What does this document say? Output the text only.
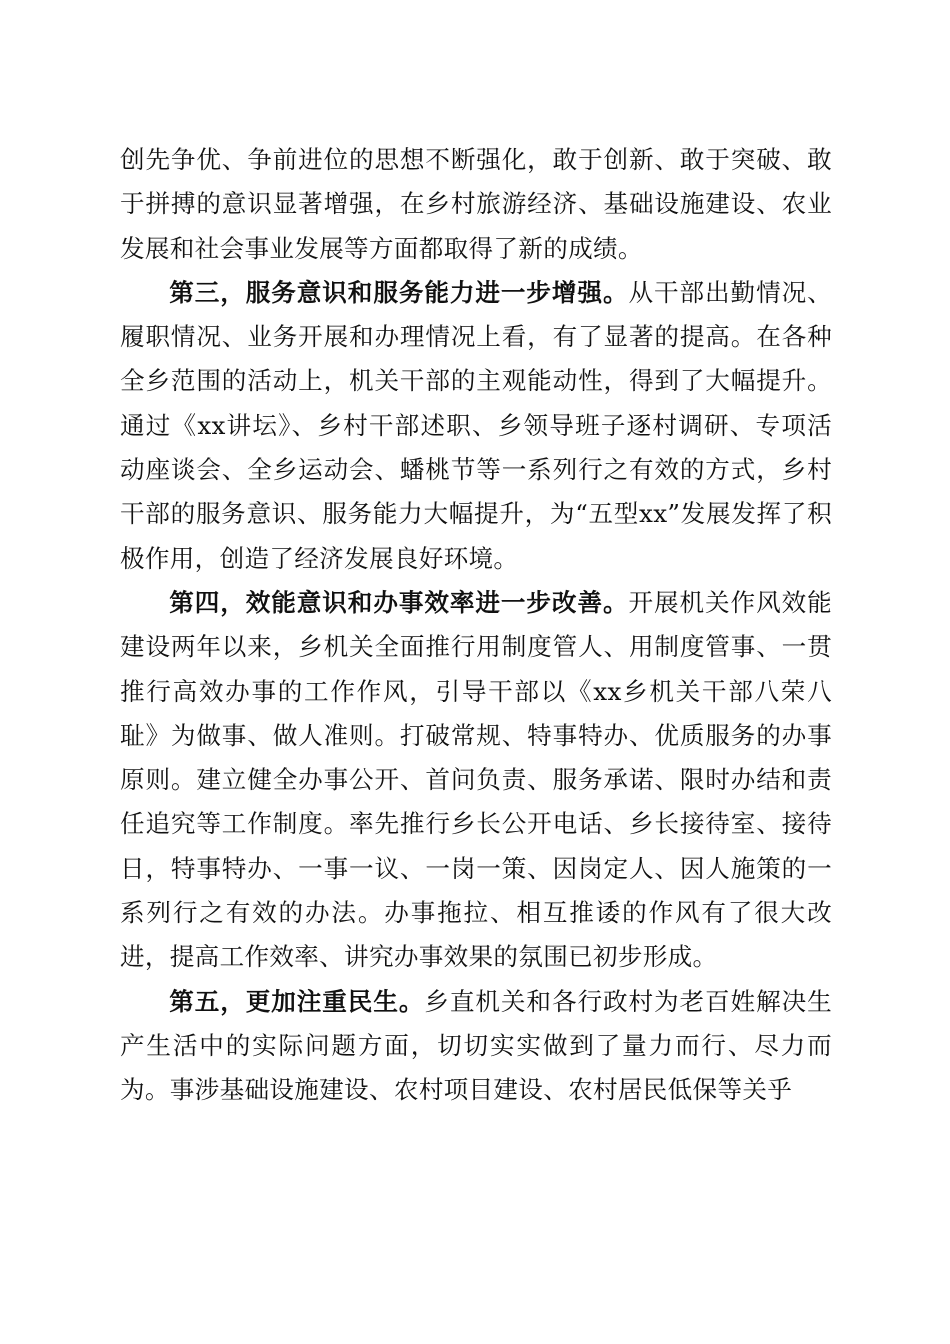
创先争优、争前进位的思想不断强化，敢于创新、敢于突破、敢于拼搏的意识显著增强，在乡村旅游经济、基础设施建设、农业发展和社会事业发展等方面都取得了新的成绩。

第三，服务意识和服务能力进一步增强。从干部出勤情况、履职情况、业务开展和办理情况上看，有了显著的提高。在各种全乡范围的活动上，机关干部的主观能动性，得到了大幅提升。通过《xx讲坛》、乡村干部述职、乡领导班子逐村调研、专项活动座谈会、全乡运动会、蟠桃节等一系列行之有效的方式，乡村干部的服务意识、服务能力大幅提升，为“五型xx”发展发挥了积极作用，创造了经济发展良好环境。

第四，效能意识和办事效率进一步改善。开展机关作风效能建设两年以来，乡机关全面推行用制度管人、用制度管事、一贯推行高效办事的工作作风，引导干部以《xx乡机关干部八荣八耻》为做事、做人准则。打破常规、特事特办、优质服务的办事原则。建立健全办事公开、首问负责、服务承诺、限时办结和责任追究等工作制度。率先推行乡长公开电话、乡长接待室、接待日，特事特办、一事一议、一岗一策、因岗定人、因人施策的一系列行之有效的办法。办事拖拉、相互推诿的作风有了很大改进，提高工作效率、讲究办事效果的氛围已初步形成。

第五，更加注重民生。乡直机关和各行政村为老百姓解决生产生活中的实际问题方面，切切实实做到了量力而行、尽力而为。事涉基础设施建设、农村项目建设、农村居民低保等关乎
